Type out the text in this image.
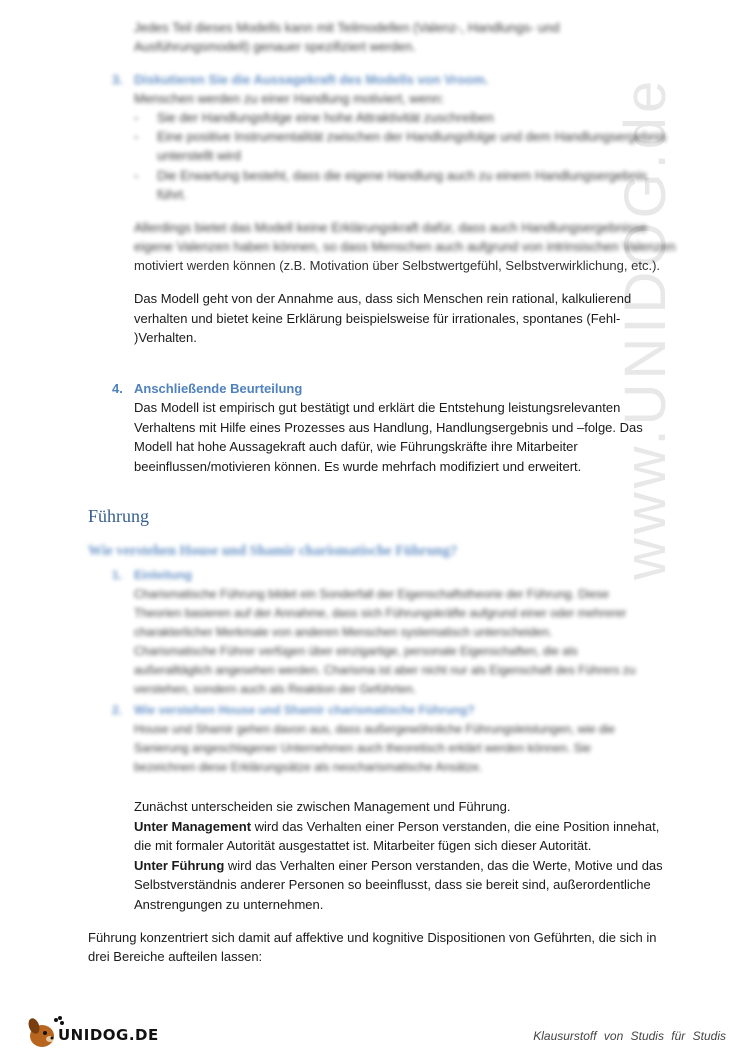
www.UNIDOG.de
Jedes Teil dieses Modells kann mit Teilmodellen (Valenz-, Handlungs- und
Ausführungsmodell) genauer spezifiziert werden.
3. Diskutieren Sie die Aussagekraft des Modells von Vroom.
Menschen werden zu einer Handlung motiviert, wenn:
- Sie der Handlungsfolge eine hohe Attraktivität zuschreiben
- Eine positive Instrumentalität zwischen der Handlungsfolge und dem Handlungsergebnis
unterstellt wird
- Die Erwartung besteht, dass die eigene Handlung auch zu einem Handlungsergebnis
führt.
Allerdings bietet das Modell keine Erklärungskraft dafür, dass auch Handlungsergebnisse
eigene Valenzen haben können, so dass Menschen auch aufgrund von intrinsischen Valenzen
motiviert werden können (z.B. Motivation über Selbstwertgefühl, Selbstverwirklichung, etc.).
Das Modell geht von der Annahme aus, dass sich Menschen rein rational, kalkulierend
verhalten und bietet keine Erklärung beispielsweise für irrationales, spontanes (Fehl-
)Verhalten.
4. Anschließende Beurteilung
Das Modell ist empirisch gut bestätigt und erklärt die Entstehung leistungsrelevanten
Verhaltens mit Hilfe eines Prozesses aus Handlung, Handlungsergebnis und –folge. Das
Modell hat hohe Aussagekraft auch dafür, wie Führungskräfte ihre Mitarbeiter
beeinflussen/motivieren können. Es wurde mehrfach modifiziert und erweitert.
Führung
Wie verstehen House und Shamir charismatische Führung?
1. Einleitung
Charismatische Führung bildet ein Sonderfall der Eigenschaftstheorie der Führung. Diese
Theorien basieren auf der Annahme, dass sich Führungskräfte aufgrund einer oder mehrerer
charakterlicher Merkmale von anderen Menschen systematisch unterscheiden.
Charismatische Führer verfügen über einzigartige, personale Eigenschaften, die als
außeralltäglich angesehen werden. Charisma ist aber nicht nur als Eigenschaft des Führers zu
verstehen, sondern auch als Reaktion der Geführten.
2. Wie verstehen House und Shamir charismatische Führung?
House und Shamir gehen davon aus, dass außergewöhnliche Führungsleistungen, wie die
Sanierung angeschlagener Unternehmen auch theoretisch erklärt werden können. Sie
bezeichnen diese Erklärungsätze als neocharismatische Ansätze.
Zunächst unterscheiden sie zwischen Management und Führung.
Unter Management wird das Verhalten einer Person verstanden, die eine Position innehat,
die mit formaler Autorität ausgestattet ist. Mitarbeiter fügen sich dieser Autorität.
Unter Führung wird das Verhalten einer Person verstanden, das die Werte, Motive und das
Selbstverständnis anderer Personen so beeinflusst, dass sie bereit sind, außerordentliche
Anstrengungen zu unternehmen.
Führung konzentriert sich damit auf affektive und kognitive Dispositionen von Geführten, die sich in
drei Bereiche aufteilen lassen:
UNIDOG.DE	Klausurstoff von Studis für Studis
